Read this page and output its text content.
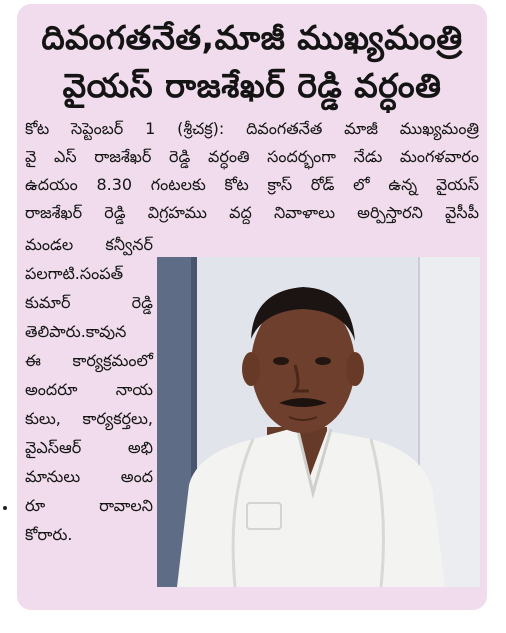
దివంగతనేత,మాజీ ముఖ్యమంత్రి
వైయస్ రాజశేఖర్ రెడ్డి వర్ధంతి
కోట సెప్టెంబర్ 1 (శ్రీచక్ర): దివంగతనేత మాజీ ముఖ్యమంత్రి
వై ఎస్ రాజశేఖర్ రెడ్డి వర్ధంతి సందర్భంగా నేడు మంగళవారం
ఉదయం 8.30 గంటలకు కోట క్రాస్ రోడ్ లో ఉన్న వైయస్
రాజశేఖర్ రెడ్డి విగ్రహము వద్ద నివాళాలు అర్పిస్తారని వైసీపీ
మండల కన్వీనర్
పలగాటి.సంపత్
కుమార్ రెడ్డి
తెలిపారు.కావున
ఈ కార్యక్రమంలో
అందరూ నాయ
కులు, కార్యకర్తలు,
వైఎస్ఆర్ అభి
మానులు అంద
రూ రావాలని
కోరారు.
